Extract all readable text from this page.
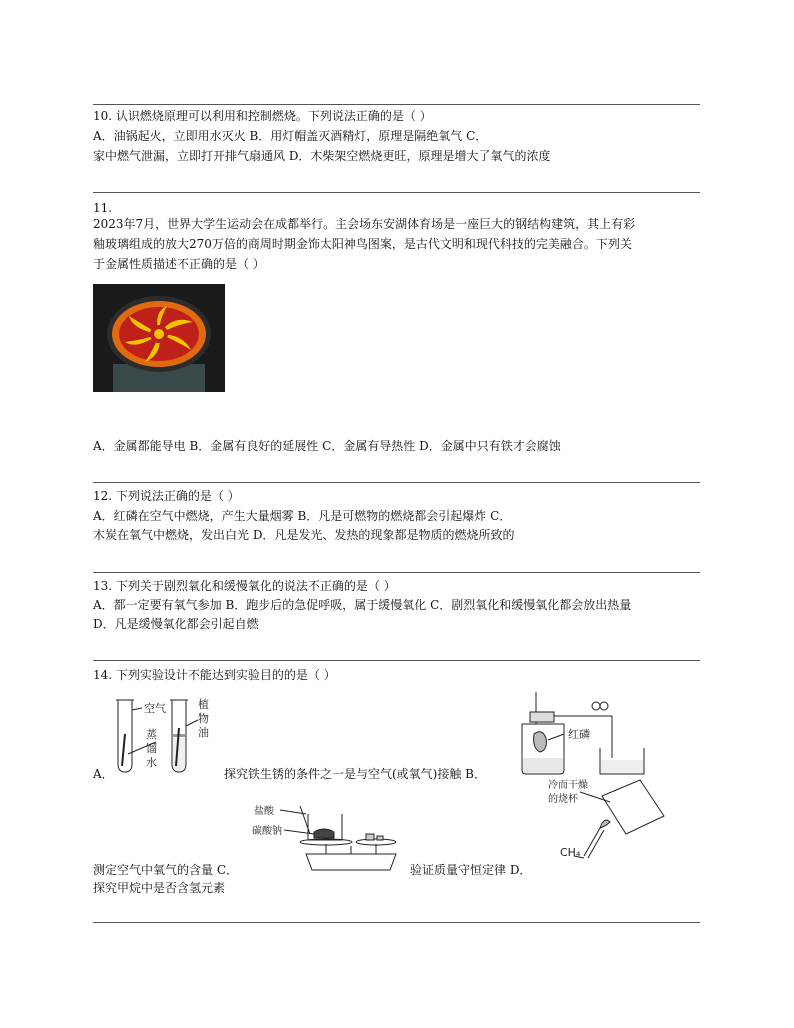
10. 认识燃烧原理可以利用和控制燃烧。下列说法正确的是（ ）
A．油锅起火，立即用水灭火 B．用灯帽盖灭酒精灯，原理是隔绝氧气 C．
家中燃气泄漏，立即打开排气扇通风 D．木柴架空燃烧更旺，原理是增大了氧气的浓度
11.
2023年7月，世界大学生运动会在成都举行。主会场东安湖体育场是一座巨大的钢结构建筑，其上有彩
釉玻璃组成的放大270万倍的商周时期金饰太阳神鸟图案，是古代文明和现代科技的完美融合。下列关
于金属性质描述不正确的是（ ）
A．金属都能导电 B．金属有良好的延展性 C．金属有导热性 D．金属中只有铁才会腐蚀
12. 下列说法正确的是（ ）
A．红磷在空气中燃烧，产生大量烟雾 B．凡是可燃物的燃烧都会引起爆炸 C．
木炭在氧气中燃烧，发出白光 D．凡是发光、发热的现象都是物质的燃烧所致的
13. 下列关于剧烈氧化和缓慢氧化的说法不正确的是（ ）
A．都一定要有氧气参加 B．跑步后的急促呼吸，属于缓慢氧化 C．剧烈氧化和缓慢氧化都会放出热量
D．凡是缓慢氧化都会引起自燃
14. 下列实验设计不能达到实验目的的是（ ）
空气
蒸
馏
水
植
物
油
A．	探究铁生锈的条件之一是与空气(或氧气)接触 B．
红磷
盐酸
碳酸钠
冷而干燥
的烧杯
CH₄
测定空气中氧气的含量 C．	验证质量守恒定律 D．
探究甲烷中是否含氢元素
